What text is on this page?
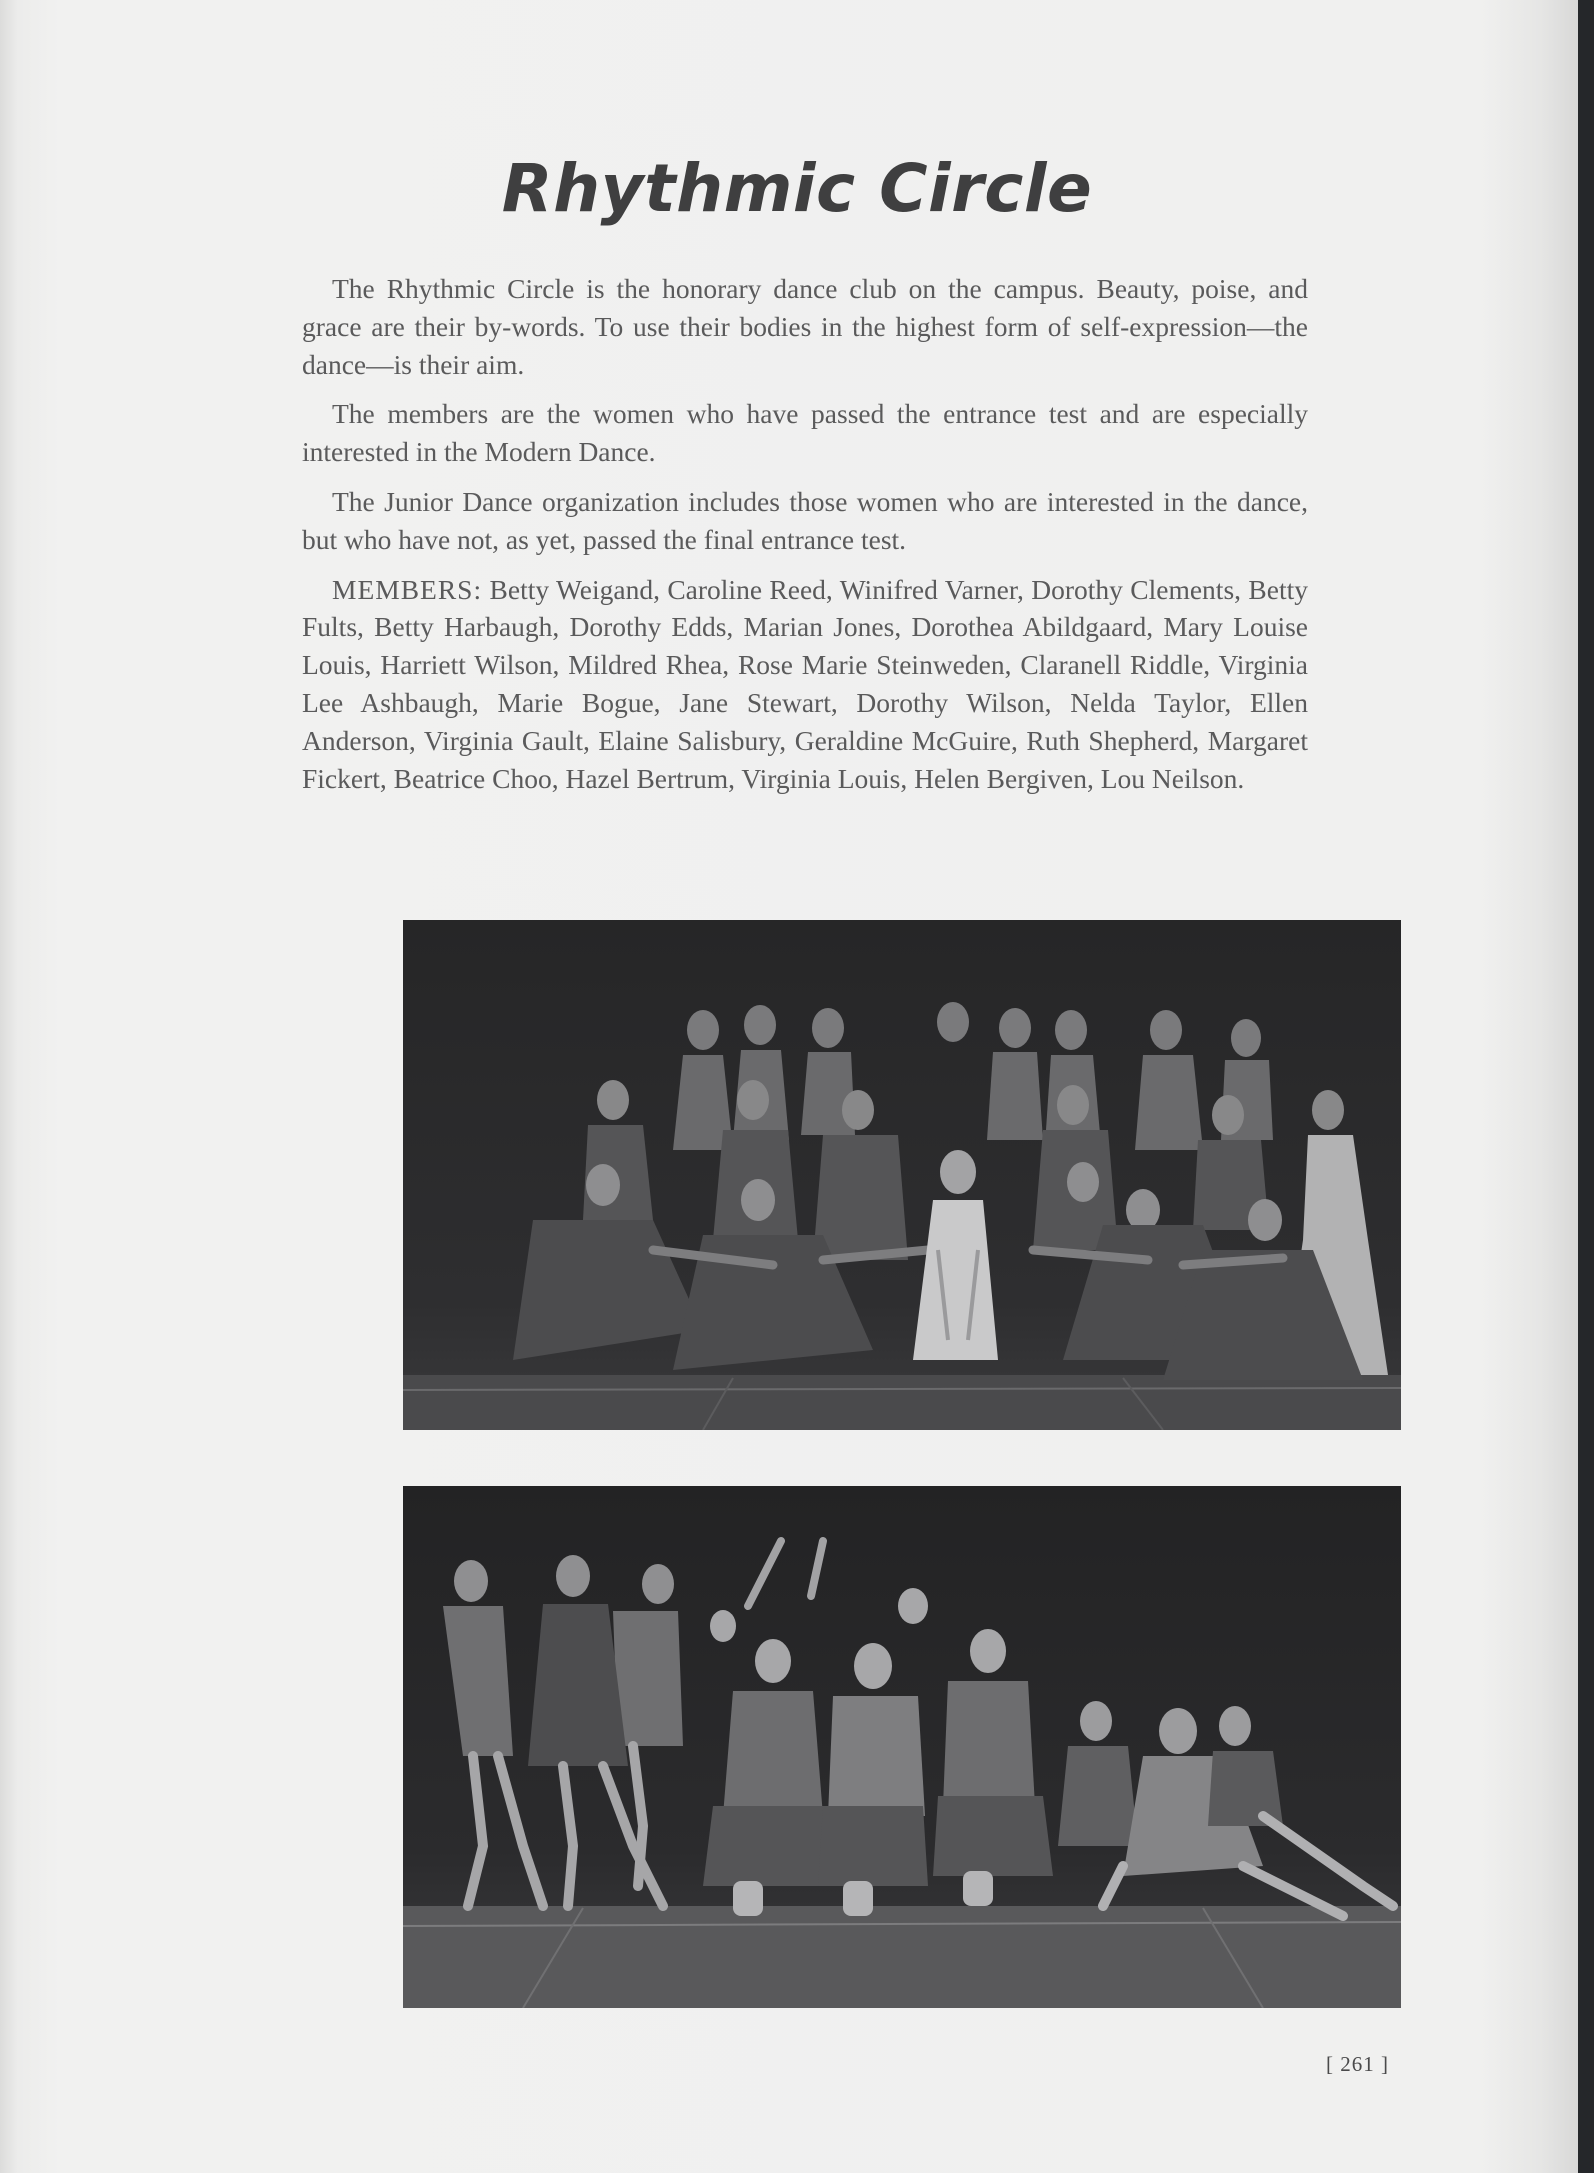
Rhythmic Circle

The Rhythmic Circle is the honorary dance club on the campus. Beauty, poise, and grace are their by-words. To use their bodies in the highest form of self-expression—the dance—is their aim.

The members are the women who have passed the entrance test and are especially interested in the Modern Dance.

The Junior Dance organization includes those women who are interested in the dance, but who have not, as yet, passed the final entrance test.

MEMBERS: Betty Weigand, Caroline Reed, Winifred Varner, Dorothy Clements, Betty Fults, Betty Harbaugh, Dorothy Edds, Marian Jones, Dorothea Abildgaard, Mary Louise Louis, Harriett Wilson, Mildred Rhea, Rose Marie Steinweden, Claranell Riddle, Virginia Lee Ashbaugh, Marie Bogue, Jane Stewart, Dorothy Wilson, Nelda Taylor, Ellen Anderson, Virginia Gault, Elaine Salisbury, Geraldine McGuire, Ruth Shepherd, Margaret Fickert, Beatrice Choo, Hazel Bertrum, Virginia Louis, Helen Bergiven, Lou Neilson.

[ 261 ]
